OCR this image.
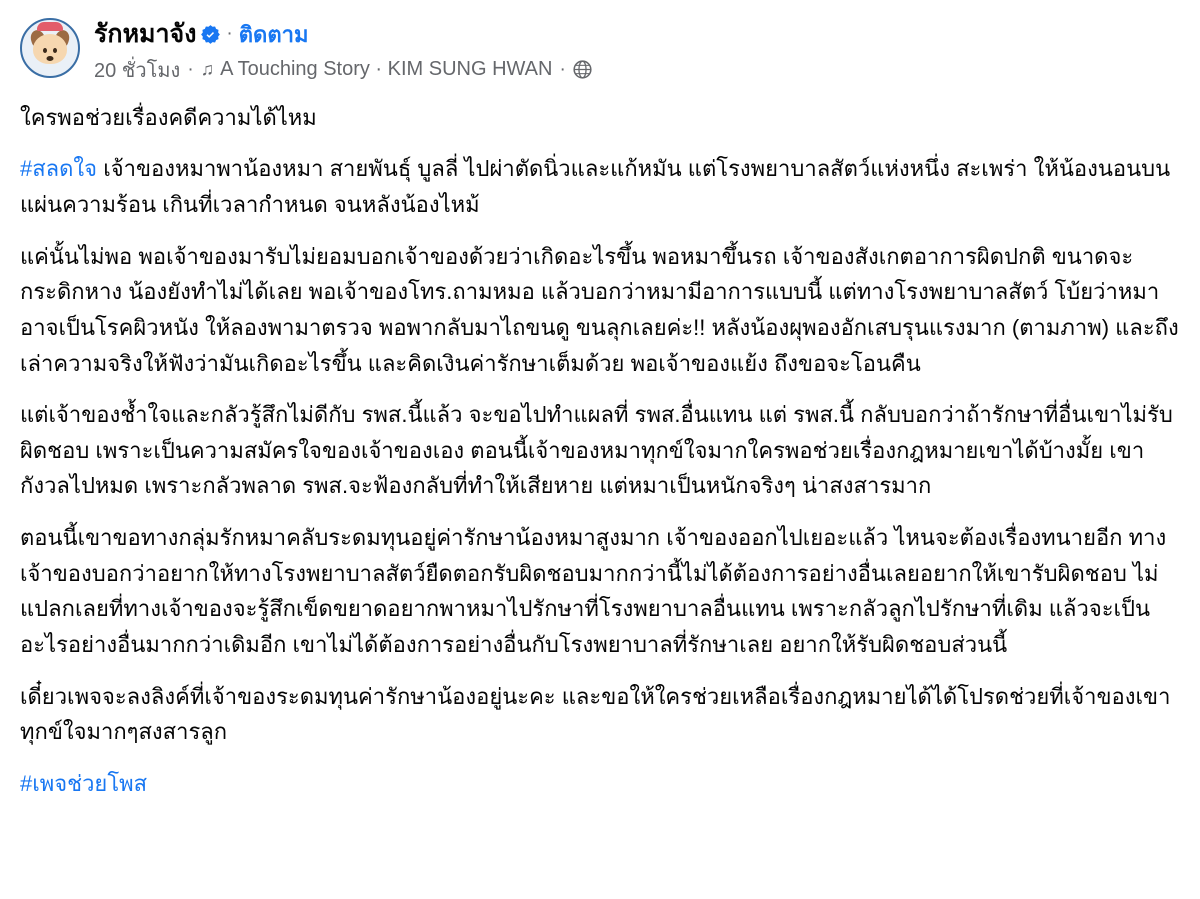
รักหมาจัง · ติดตาม
20 ชั่วโมง · ♫ A Touching Story · KIM SUNG HWAN ·

ใครพอช่วยเรื่องคดีความได้ไหม

#สลดใจ เจ้าของหมาพาน้องหมา สายพันธุ์ บูลลี่ ไปผ่าตัดนิ่วและแก้หมัน แต่โรงพยาบาลสัตว์แห่งหนึ่ง สะเพร่า ให้น้องนอนบนแผ่นความร้อน เกินที่เวลากำหนด จนหลังน้องไหม้

แค่นั้นไม่พอ พอเจ้าของมารับไม่ยอมบอกเจ้าของด้วยว่าเกิดอะไรขึ้น พอหมาขึ้นรถ เจ้าของสังเกตอาการผิดปกติ ขนาดจะกระดิกหาง น้องยังทำไม่ได้เลย พอเจ้าของโทร.ถามหมอ แล้วบอกว่าหมามีอาการแบบนี้ แต่ทางโรงพยาบาลสัตว์ โบ้ยว่าหมาอาจเป็นโรคผิวหนัง ให้ลองพามาตรวจ พอพากลับมาไถขนดู ขนลุกเลยค่ะ!! หลังน้องผุพองอักเสบรุนแรงมาก (ตามภาพ) และถึงเล่าความจริงให้ฟังว่ามันเกิดอะไรขึ้น และคิดเงินค่ารักษาเต็มด้วย พอเจ้าของแย้ง ถึงขอจะโอนคืน

แต่เจ้าของช้ำใจและกลัวรู้สึกไม่ดีกับ รพส.นี้แล้ว จะขอไปทำแผลที่ รพส.อื่นแทน แต่ รพส.นี้ กลับบอกว่าถ้ารักษาที่อื่นเขาไม่รับผิดชอบ เพราะเป็นความสมัครใจของเจ้าของเอง ตอนนี้เจ้าของหมาทุกข์ใจมากใครพอช่วยเรื่องกฎหมายเขาได้บ้างมั้ย เขากังวลไปหมด เพราะกลัวพลาด รพส.จะฟ้องกลับที่ทำให้เสียหาย แต่หมาเป็นหนักจริงๆ น่าสงสารมาก

ตอนนี้เขาขอทางกลุ่มรักหมาคลับระดมทุนอยู่ค่ารักษาน้องหมาสูงมาก เจ้าของออกไปเยอะแล้ว ไหนจะต้องเรื่องทนายอีก ทางเจ้าของบอกว่าอยากให้ทางโรงพยาบาลสัตว์ยืดตอกรับผิดชอบมากกว่านี้ไม่ได้ต้องการอย่างอื่นเลยอยากให้เขารับผิดชอบ ไม่แปลกเลยที่ทางเจ้าของจะรู้สึกเข็ดขยาดอยากพาหมาไปรักษาที่โรงพยาบาลอื่นแทน เพราะกลัวลูกไปรักษาที่เดิม แล้วจะเป็นอะไรอย่างอื่นมากกว่าเดิมอีก เขาไม่ได้ต้องการอย่างอื่นกับโรงพยาบาลที่รักษาเลย อยากให้รับผิดชอบส่วนนี้

เดี๋ยวเพจจะลงลิงค์ที่เจ้าของระดมทุนค่ารักษาน้องอยู่นะคะ และขอให้ใครช่วยเหลือเรื่องกฎหมายได้ได้โปรดช่วยที่เจ้าของเขาทุกข์ใจมากๆสงสารลูก

#เพจช่วยโพส
